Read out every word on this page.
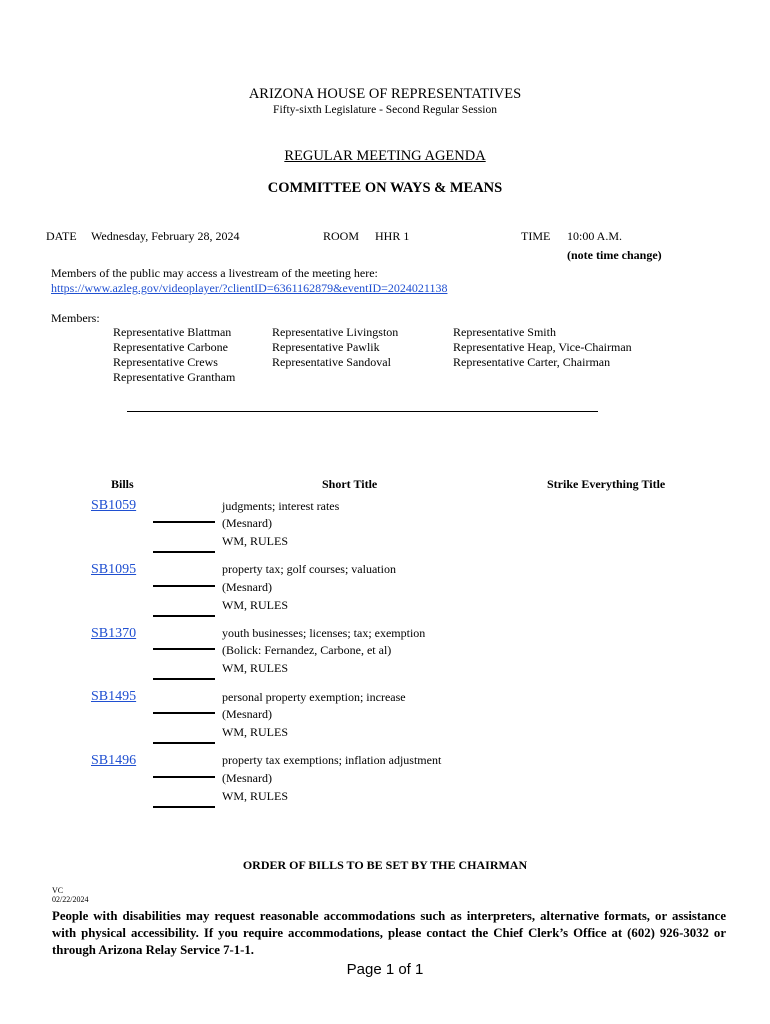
ARIZONA HOUSE OF REPRESENTATIVES
Fifty-sixth Legislature - Second Regular Session
REGULAR MEETING AGENDA
COMMITTEE ON WAYS & MEANS
DATE Wednesday, February 28, 2024	ROOM HHR 1	TIME 10:00 A.M.
(note time change)
Members of the public may access a livestream of the meeting here:
https://www.azleg.gov/videoplayer/?clientID=6361162879&eventID=2024021138
Members:
Representative Blattman
Representative Carbone
Representative Crews
Representative Grantham
Representative Livingston
Representative Pawlik
Representative Sandoval
Representative Smith
Representative Heap, Vice-Chairman
Representative Carter, Chairman
Bills	Short Title	Strike Everything Title
SB1059	judgments; interest rates
(Mesnard)
WM, RULES
SB1095	property tax; golf courses; valuation
(Mesnard)
WM, RULES
SB1370	youth businesses; licenses; tax; exemption
(Bolick: Fernandez, Carbone, et al)
WM, RULES
SB1495	personal property exemption; increase
(Mesnard)
WM, RULES
SB1496	property tax exemptions; inflation adjustment
(Mesnard)
WM, RULES
ORDER OF BILLS TO BE SET BY THE CHAIRMAN
VC
02/22/2024
People with disabilities may request reasonable accommodations such as interpreters, alternative formats, or assistance with physical accessibility. If you require accommodations, please contact the Chief Clerk’s Office at (602) 926-3032 or through Arizona Relay Service 7-1-1.
Page 1 of 1
